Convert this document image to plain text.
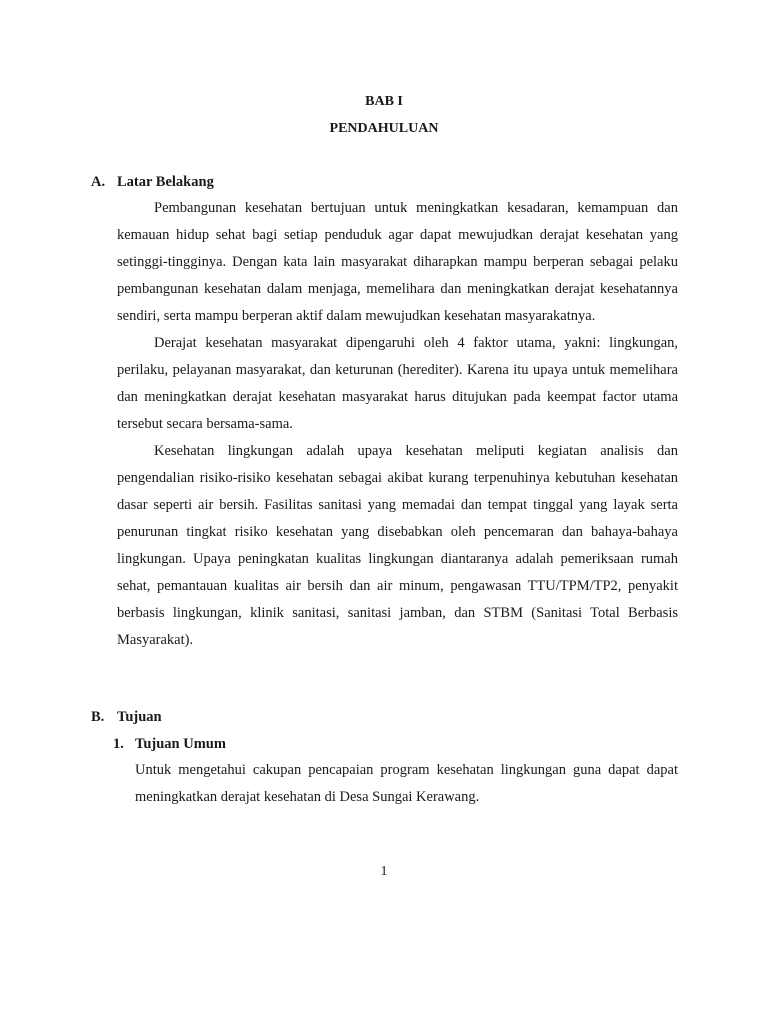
BAB I
PENDAHULUAN
A. Latar Belakang

Pembangunan kesehatan bertujuan untuk meningkatkan kesadaran, kemampuan dan kemauan hidup sehat bagi setiap penduduk agar dapat mewujudkan derajat kesehatan yang setinggi-tingginya. Dengan kata lain masyarakat diharapkan mampu berperan sebagai pelaku pembangunan kesehatan dalam menjaga, memelihara dan meningkatkan derajat kesehatannya sendiri, serta mampu berperan aktif dalam mewujudkan kesehatan masyarakatnya.

Derajat kesehatan masyarakat dipengaruhi oleh 4 faktor utama, yakni: lingkungan, perilaku, pelayanan masyarakat, dan keturunan (herediter). Karena itu upaya untuk memelihara dan meningkatkan derajat kesehatan masyarakat harus ditujukan pada keempat factor utama tersebut secara bersama-sama.

Kesehatan lingkungan adalah upaya kesehatan meliputi kegiatan analisis dan pengendalian risiko-risiko kesehatan sebagai akibat kurang terpenuhinya kebutuhan kesehatan dasar seperti air bersih. Fasilitas sanitasi yang memadai dan tempat tinggal yang layak serta penurunan tingkat risiko kesehatan yang disebabkan oleh pencemaran dan bahaya-bahaya lingkungan. Upaya peningkatan kualitas lingkungan diantaranya adalah pemeriksaan rumah sehat, pemantauan kualitas air bersih dan air minum, pengawasan TTU/TPM/TP2, penyakit berbasis lingkungan, klinik sanitasi, sanitasi jamban, dan STBM (Sanitasi Total Berbasis Masyarakat).

B. Tujuan
1. Tujuan Umum

Untuk mengetahui cakupan pencapaian program kesehatan lingkungan guna dapat dapat meningkatkan derajat kesehatan di Desa Sungai Kerawang.

1
